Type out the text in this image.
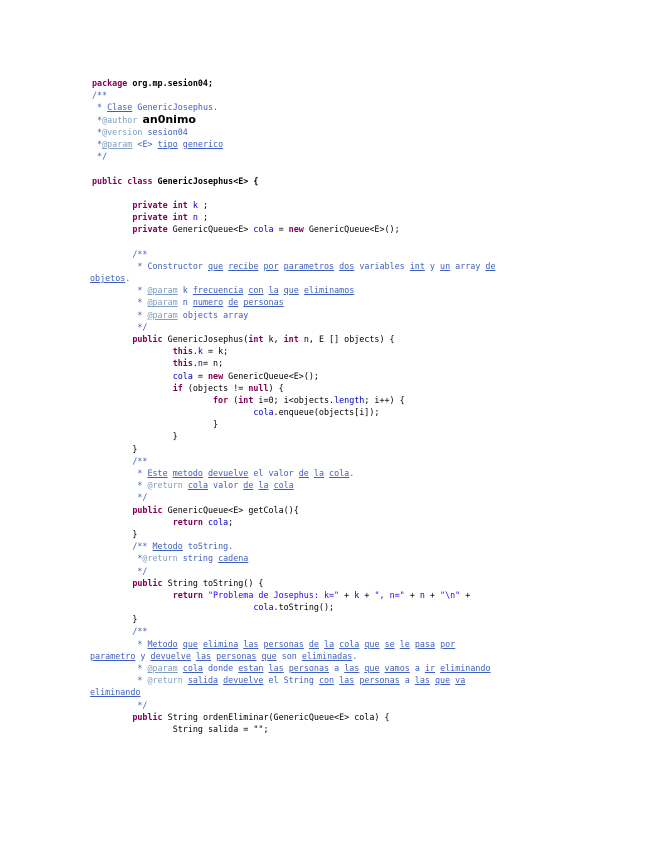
package org.mp.sesion04;
/**
* Clase GenericJosephus.
*@author an0nimo
*@version sesion04
*@param <E> tipo generico
*/

public class GenericJosephus<E> {

private int k ;
private int n ;
private GenericQueue<E> cola = new GenericQueue<E>();

/**
* Constructor que recibe por parametros dos variables int y un array de
objetos.
* @param k frecuencia con la que eliminamos
* @param n numero de personas
* @param objects array
*/
public GenericJosephus(int k, int n, E [] objects) {
this.k = k;
this.n= n;
cola = new GenericQueue<E>();
if (objects != null) {
for (int i=0; i<objects.length; i++) {
cola.enqueue(objects[i]);
}
}
}
/**
* Este metodo devuelve el valor de la cola.
* @return cola valor de la cola
*/
public GenericQueue<E> getCola(){
return cola;
}
/** Metodo toString.
*@return string cadena
*/
public String toString() {
return "Problema de Josephus: k=" + k + ", n=" + n + "\n" +
cola.toString();
}
/**
* Metodo que elimina las personas de la cola que se le pasa por
parametro y devuelve las personas que son eliminadas.
* @param cola donde estan las personas a las que vamos a ir eliminando
* @return salida devuelve el String con las personas a las que va
eliminando
*/
public String ordenEliminar(GenericQueue<E> cola) {
String salida = "";
